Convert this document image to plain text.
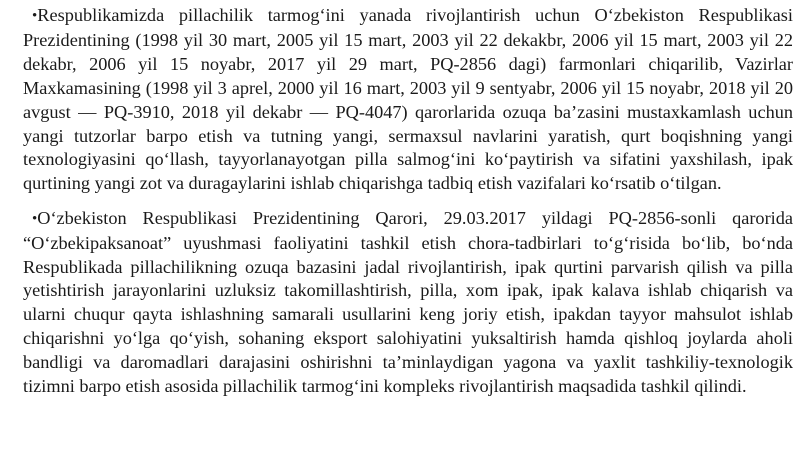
•Respublikamizda pillachilik tarmog‘ini yanada rivojlantirish uchun O‘zbekiston Respublikasi Prezidentining (1998 yil 30 mart, 2005 yil 15 mart, 2003 yil 22 dekakbr, 2006 yil 15 mart, 2003 yil 22 dekabr, 2006 yil 15 noyabr, 2017 yil 29 mart, PQ-2856 dagi) farmonlari chiqarilib, Vazirlar Maxkamasining (1998 yil 3 aprel, 2000 yil 16 mart, 2003 yil 9 sentyabr, 2006 yil 15 noyabr, 2018 yil 20 avgust — PQ-3910, 2018 yil dekabr — PQ-4047) qarorlarida ozuqa ba’zasini mustaxkamlash uchun yangi tutzorlar barpo etish va tutning yangi, sermaxsul navlarini yaratish, qurt boqishning yangi texnologiyasini qo‘llash, tayyorlanayotgan pilla salmog‘ini ko‘paytirish va sifatini yaxshilash, ipak qurtining yangi zot va duragaylarini ishlab chiqarishga tadbiq etish vazifalari ko‘rsatib o‘tilgan.

•O‘zbekiston Respublikasi Prezidentining Qarori, 29.03.2017 yildagi PQ-2856-sonli qarorida “O‘zbekipaksanoat” uyushmasi faoliyatini tashkil etish chora-tadbirlari to‘g‘risida bo‘lib, bo‘nda Respublikada pillachilikning ozuqa bazasini jadal rivojlantirish, ipak qurtini parvarish qilish va pilla yetishtirish jarayonlarini uzluksiz takomillashtirish, pilla, xom ipak, ipak kalava ishlab chiqarish va ularni chuqur qayta ishlashning samarali usullarini keng joriy etish, ipakdan tayyor mahsulot ishlab chiqarishni yo‘lga qo‘yish, sohaning eksport salohiyatini yuksaltirish hamda qishloq joylarda aholi bandligi va daromadlari darajasini oshirishni ta’minlaydigan yagona va yaxlit tashkiliy-texnologik tizimni barpo etish asosida pillachilik tarmog‘ini kompleks rivojlantirish maqsadida tashkil qilindi.
